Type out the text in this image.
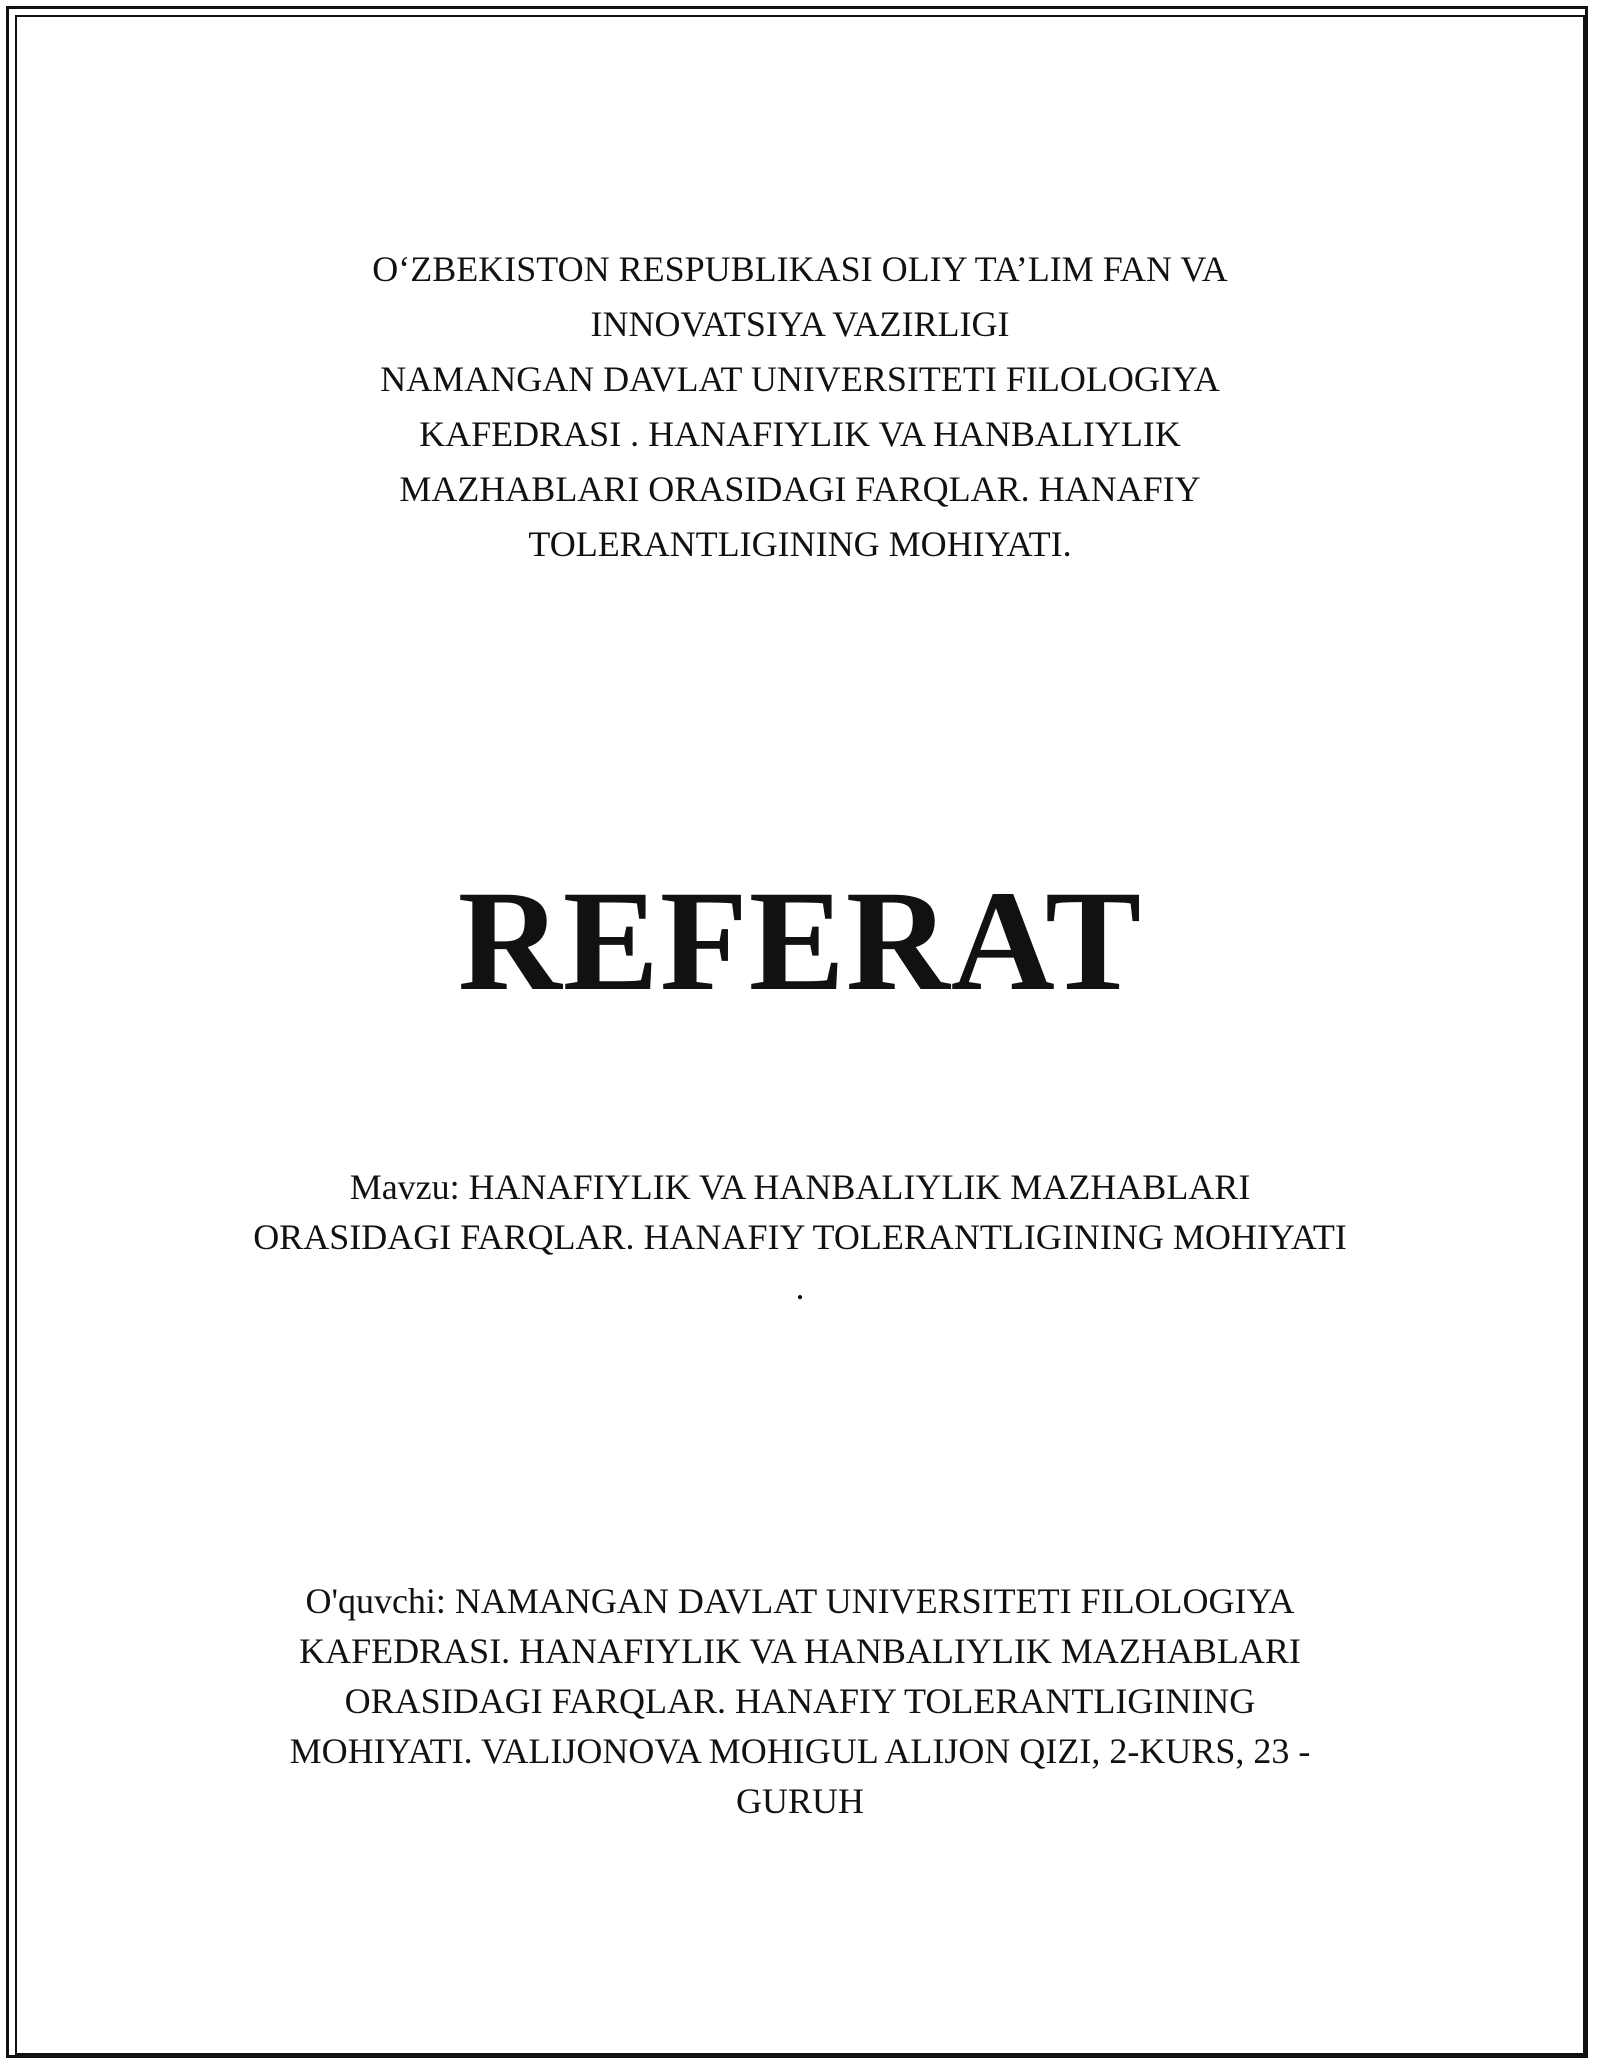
O‘ZBEKISTON RESPUBLIKASI OLIY TA’LIM FAN VA
INNOVATSIYA VAZIRLIGI
NAMANGAN DAVLAT UNIVERSITETI FILOLOGIYA
KAFEDRASI . HANAFIYLIK VA HANBALIYLIK
MAZHABLARI ORASIDAGI FARQLAR. HANAFIY
TOLERANTLIGINING MOHIYATI.
REFERAT
Mavzu: HANAFIYLIK VA HANBALIYLIK MAZHABLARI
ORASIDAGI FARQLAR. HANAFIY TOLERANTLIGINING MOHIYATI
.
O'quvchi: NAMANGAN DAVLAT UNIVERSITETI FILOLOGIYA
KAFEDRASI. HANAFIYLIK VA HANBALIYLIK MAZHABLARI
ORASIDAGI FARQLAR. HANAFIY TOLERANTLIGINING
MOHIYATI. VALIJONOVA MOHIGUL ALIJON QIZI, 2-KURS, 23 -
GURUH
